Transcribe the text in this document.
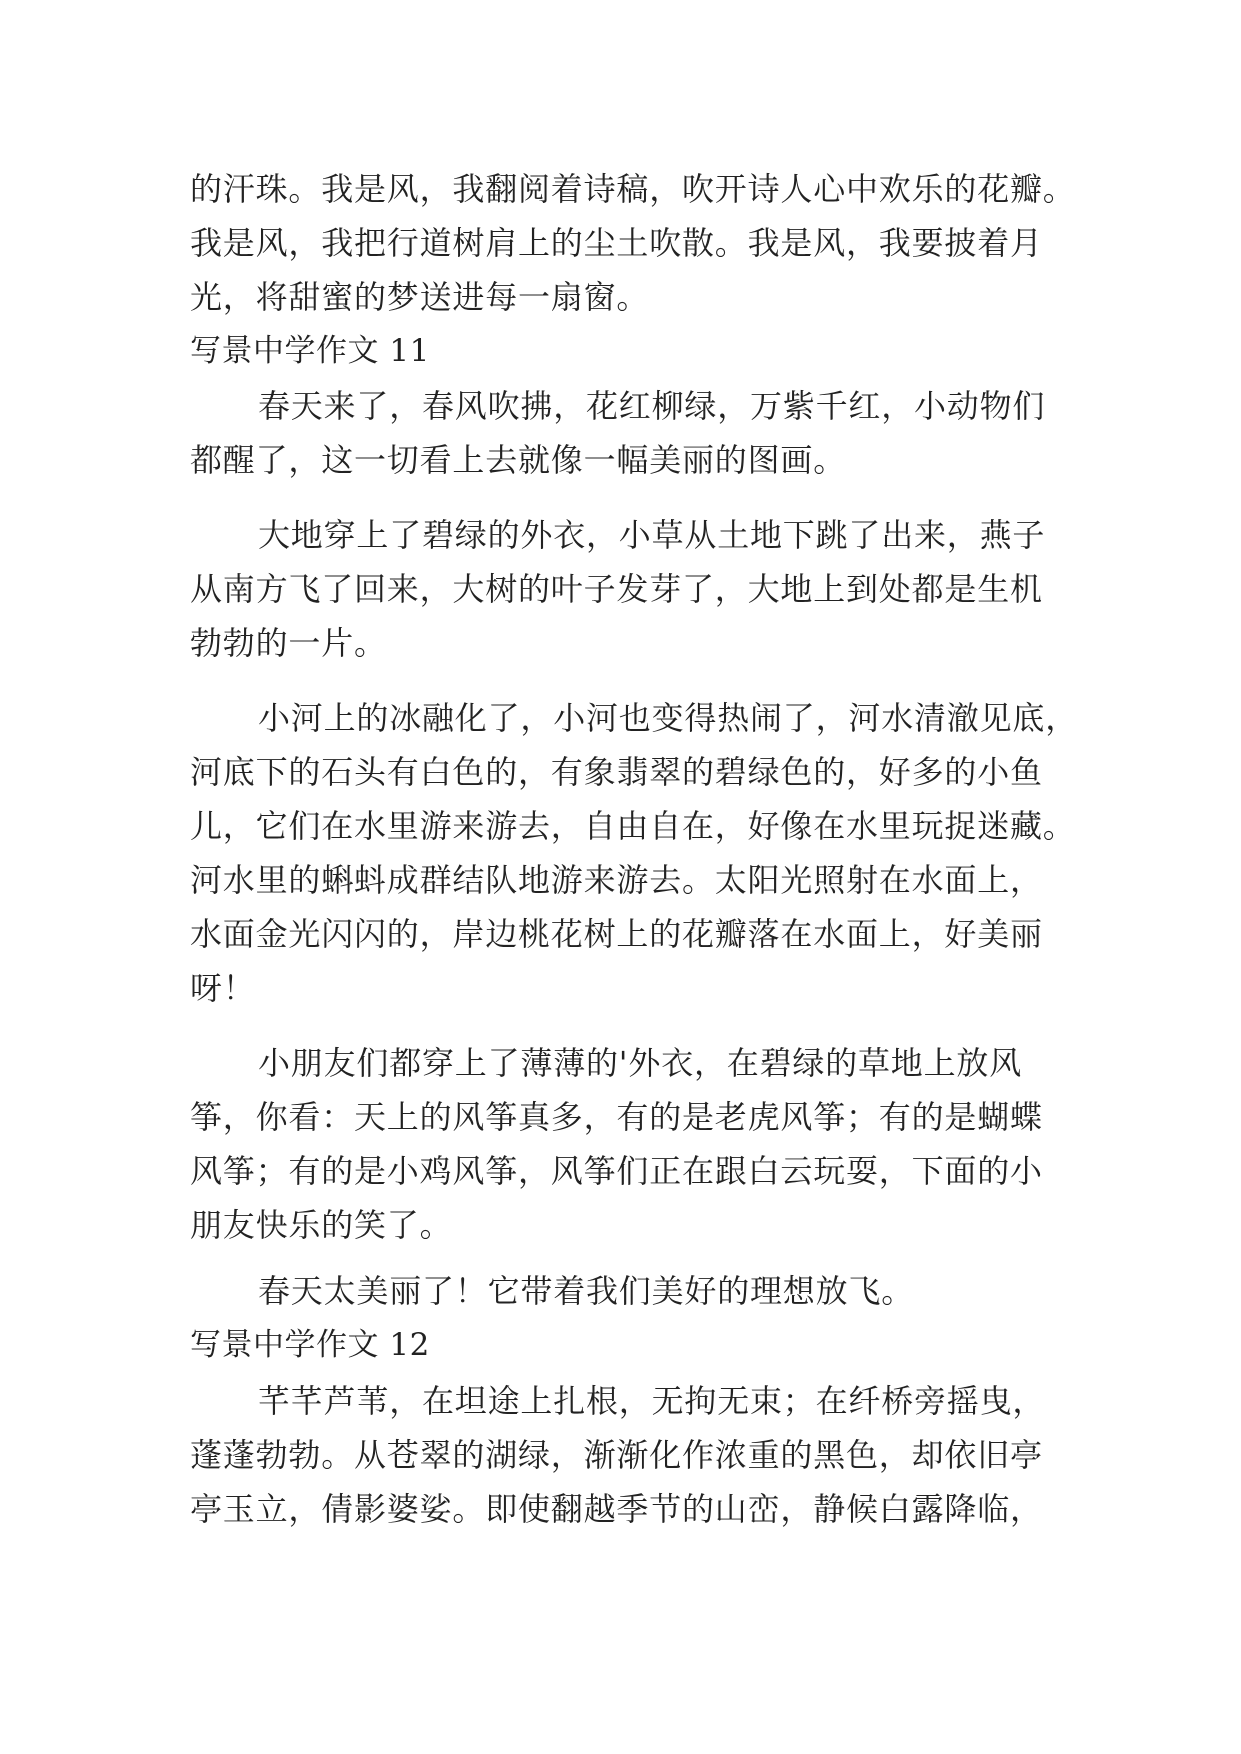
的汗珠。我是风，我翻阅着诗稿，吹开诗人心中欢乐的花瓣。
我是风，我把行道树肩上的尘土吹散。我是风，我要披着月
光，将甜蜜的梦送进每一扇窗。
写景中学作文 11
春天来了，春风吹拂，花红柳绿，万紫千红，小动物们
都醒了，这一切看上去就像一幅美丽的图画。
大地穿上了碧绿的外衣，小草从土地下跳了出来，燕子
从南方飞了回来，大树的叶子发芽了，大地上到处都是生机
勃勃的一片。
小河上的冰融化了，小河也变得热闹了，河水清澈见底，
河底下的石头有白色的，有象翡翠的碧绿色的，好多的小鱼
儿，它们在水里游来游去，自由自在，好像在水里玩捉迷藏。
河水里的蝌蚪成群结队地游来游去。太阳光照射在水面上，
水面金光闪闪的，岸边桃花树上的花瓣落在水面上，好美丽
呀！
小朋友们都穿上了薄薄的'外衣，在碧绿的草地上放风
筝，你看：天上的风筝真多，有的是老虎风筝；有的是蝴蝶
风筝；有的是小鸡风筝，风筝们正在跟白云玩耍，下面的小
朋友快乐的笑了。
春天太美丽了！它带着我们美好的理想放飞。
写景中学作文 12
芊芊芦苇，在坦途上扎根，无拘无束；在纤桥旁摇曳，
蓬蓬勃勃。从苍翠的湖绿，渐渐化作浓重的黑色，却依旧亭
亭玉立，倩影婆娑。即使翻越季节的山峦，静候白露降临，
